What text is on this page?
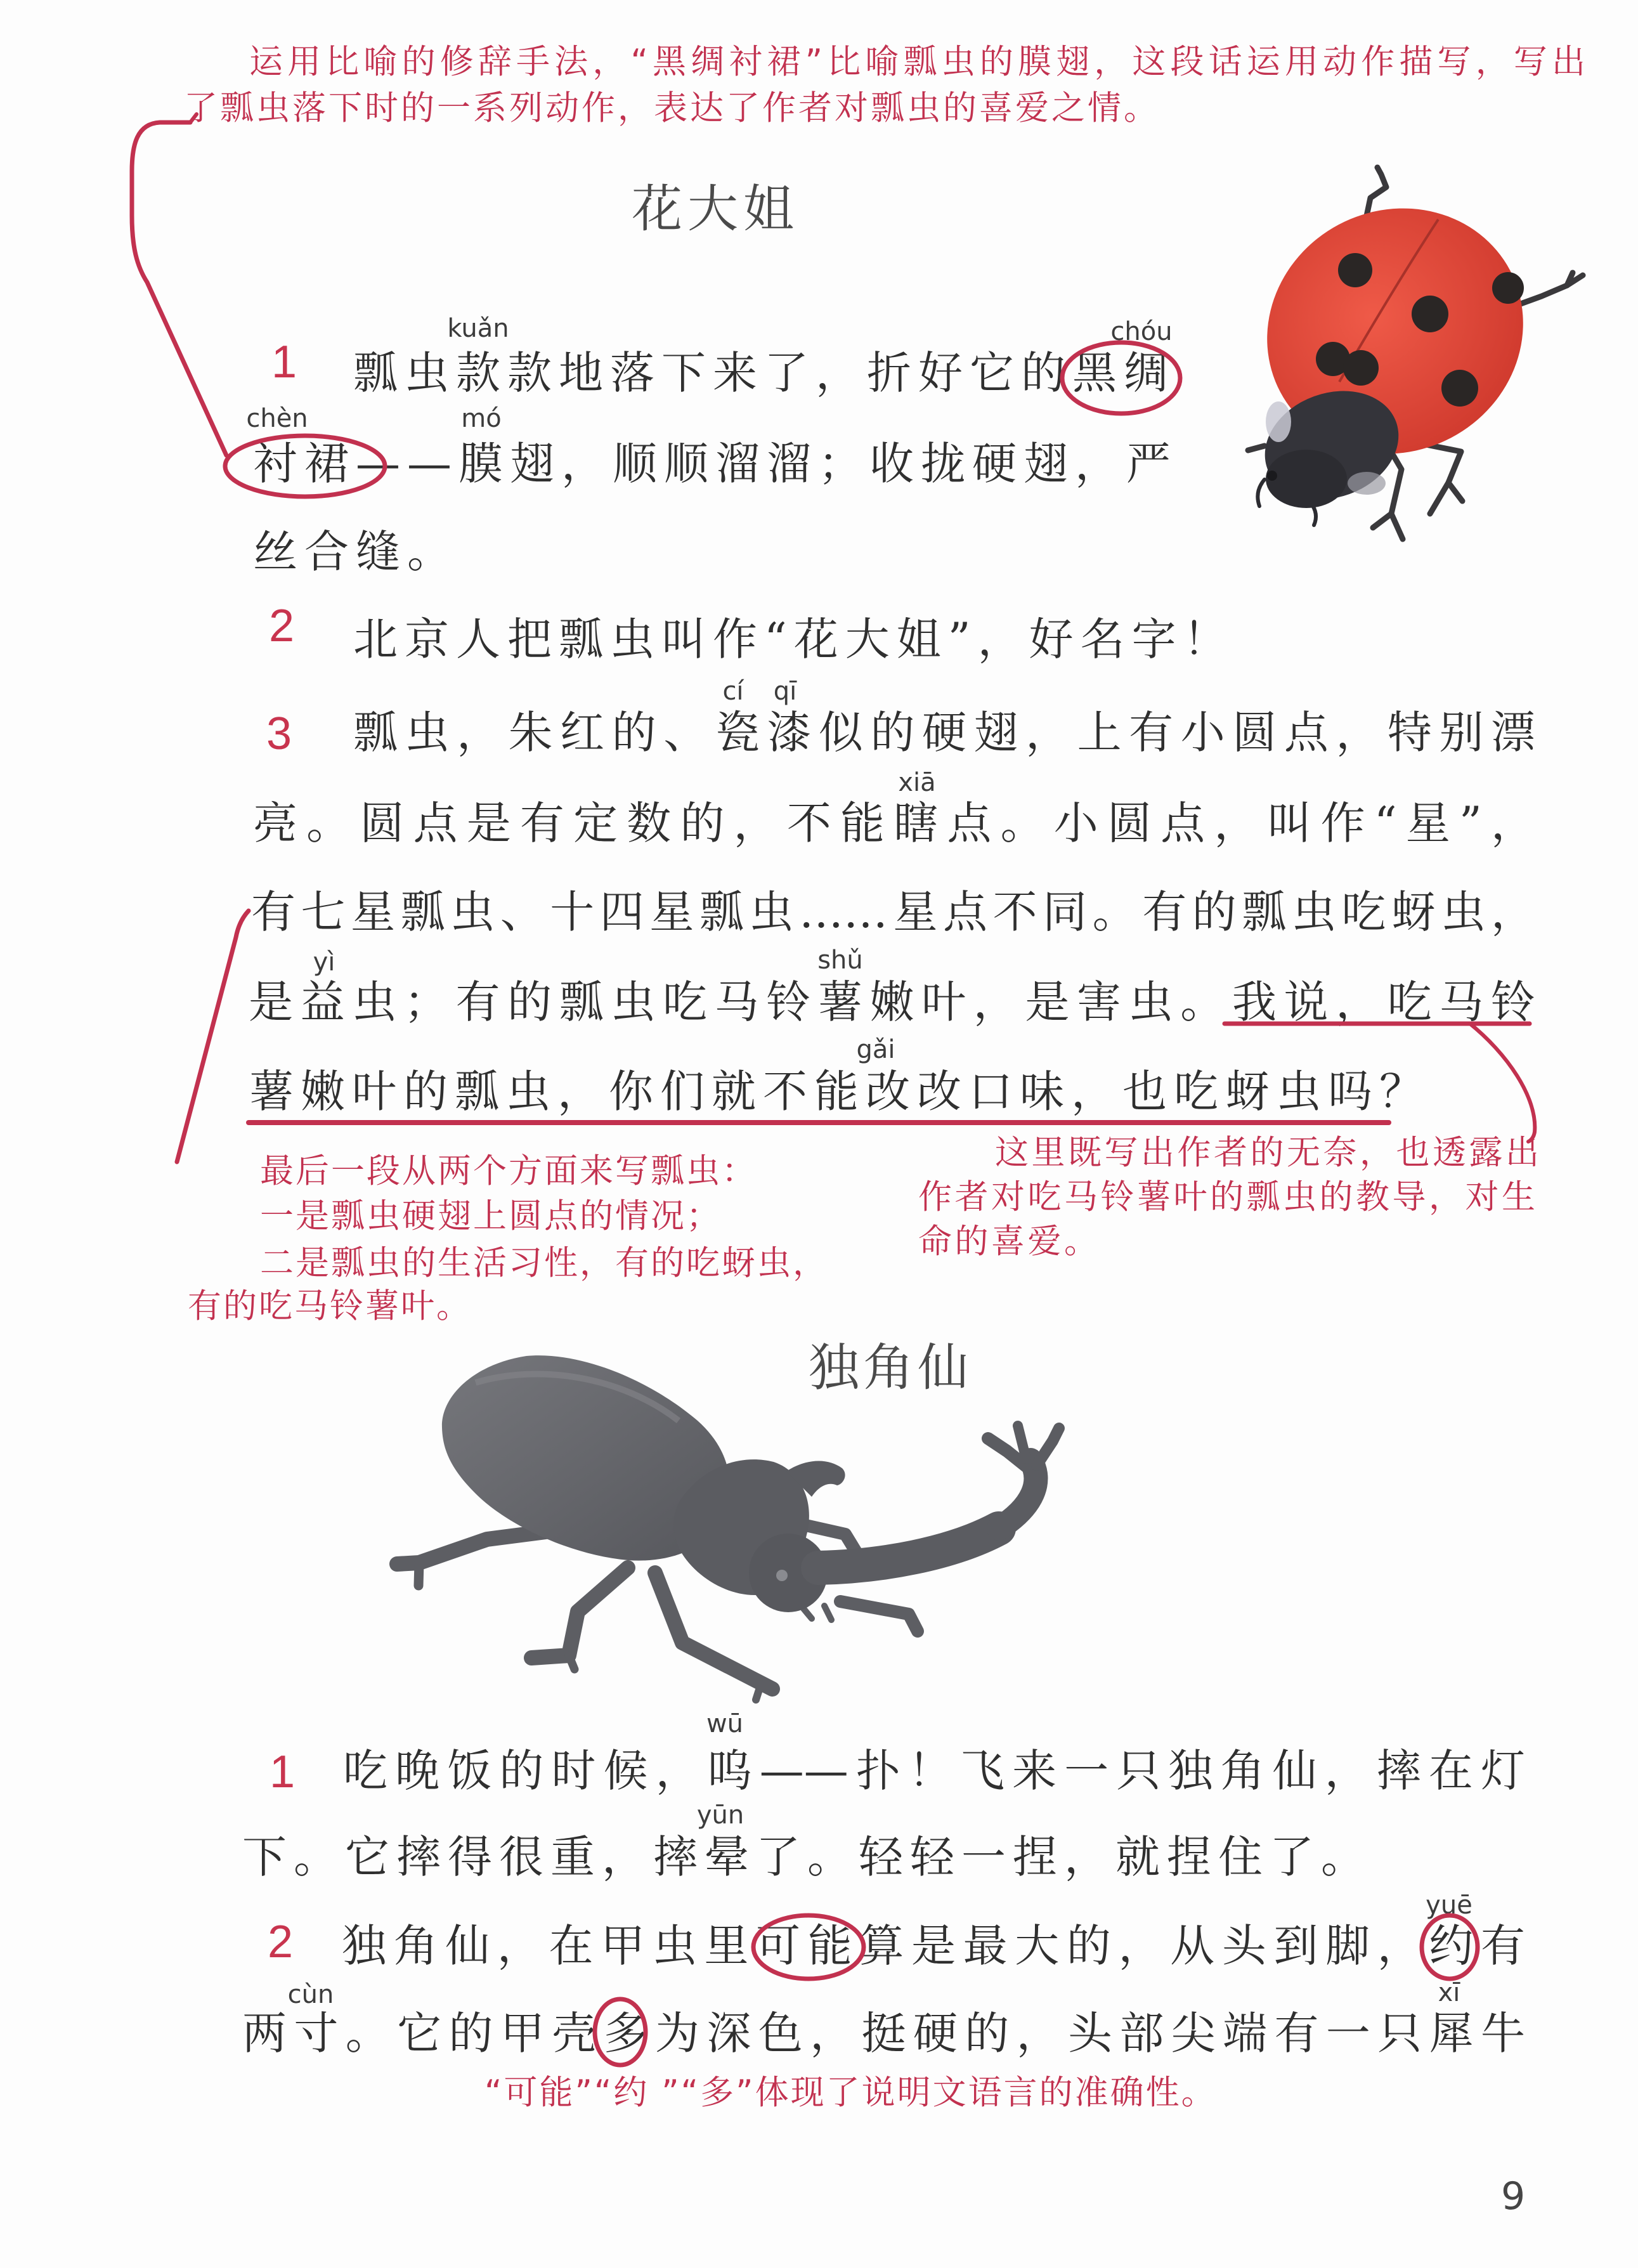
运用比喻的修辞手法，“黑绸衬裙”比喻瓢虫的膜翅，这段话运用动作描写，写出
了瓢虫落下时的一系列动作，表达了作者对瓢虫的喜爱之情。
花大姐
1
kuǎn	chóu
瓢虫款款地落下来了，折好它的黑绸
chèn	mó
衬裙——膜翅，顺顺溜溜；收拢硬翅，严
丝合缝。
2 北京人把瓢虫叫作“花大姐”，好名字！
3
cí	qī
瓢虫，朱红的、瓷漆似的硬翅，上有小圆点，特别漂
xiā
亮。圆点是有定数的，不能瞎点。小圆点，叫作“星”，
有七星瓢虫、十四星瓢虫……星点不同。有的瓢虫吃蚜虫，
yì	shǔ
是益虫；有的瓢虫吃马铃薯嫩叶，是害虫。我说，吃马铃
gǎi
薯嫩叶的瓢虫，你们就不能改改口味，也吃蚜虫吗？
最后一段从两个方面来写瓢虫：
一是瓢虫硬翅上圆点的情况；
二是瓢虫的生活习性，有的吃蚜虫，
有的吃马铃薯叶。
这里既写出作者的无奈，也透露出
作者对吃马铃薯叶的瓢虫的教导，对生
命的喜爱。
独角仙
1
wū
吃晚饭的时候，呜——扑！飞来一只独角仙，摔在灯
yūn
下。它摔得很重，摔晕了。轻轻一捏，就捏住了。
2
yuē
独角仙，在甲虫里可能算是最大的，从头到脚，约有
cùn	xī
两寸。它的甲壳多为深色，挺硬的，头部尖端有一只犀牛
“可能”“约 ”“多”体现了说明文语言的准确性。
9
